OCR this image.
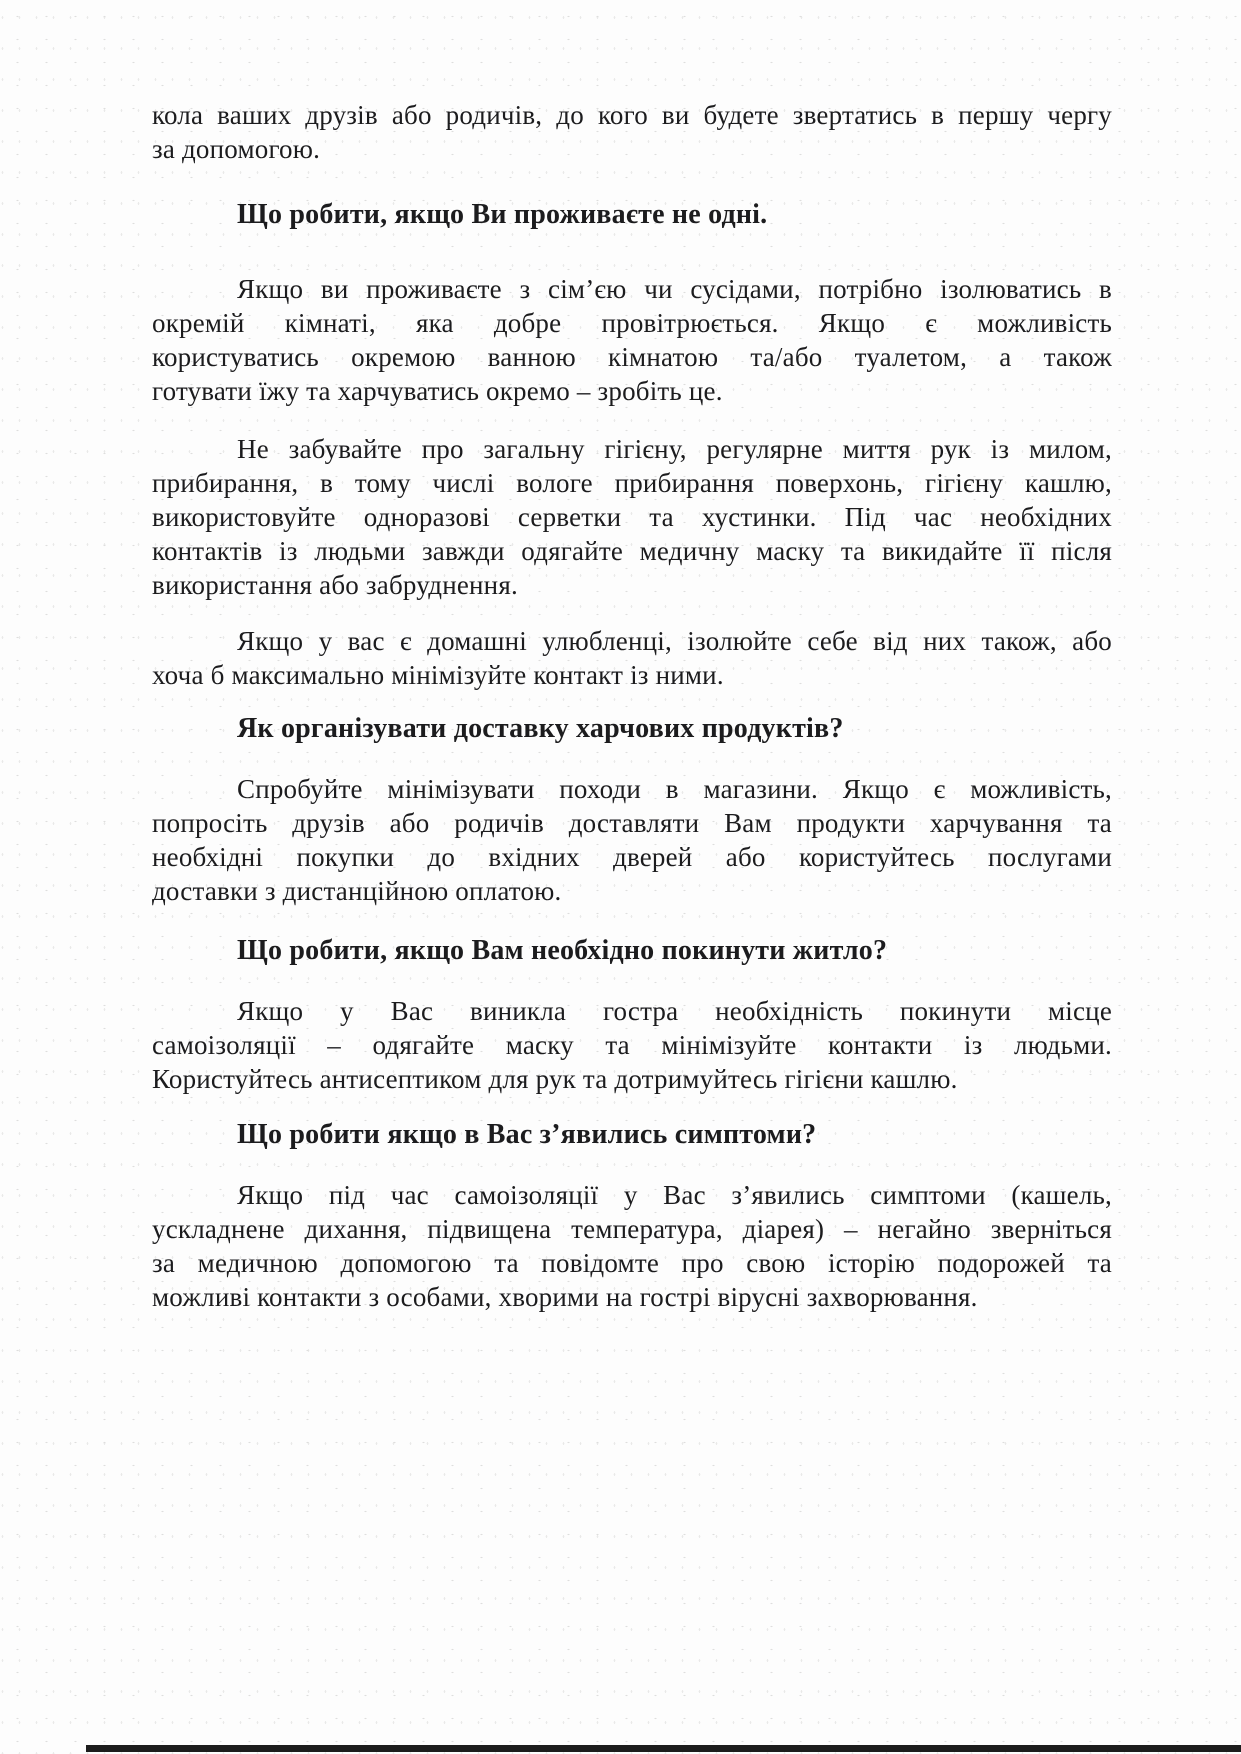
кола ваших друзів або родичів, до кого ви будете звертатись в першу чергу
за допомогою.
Що робити, якщо Ви проживаєте не одні.
Якщо ви проживаєте з сім’єю чи сусідами, потрібно ізолюватись в
окремій кімнаті, яка добре провітрюється. Якщо є можливість
користуватись окремою ванною кімнатою та/або туалетом, а також
готувати їжу та харчуватись окремо – зробіть це.
Не забувайте про загальну гігієну, регулярне миття рук із милом,
прибирання, в тому числі вологе прибирання поверхонь, гігієну кашлю,
використовуйте одноразові серветки та хустинки. Під час необхідних
контактів із людьми завжди одягайте медичну маску та викидайте її після
використання або забруднення.
Якщо у вас є домашні улюбленці, ізолюйте себе від них також, або
хоча б максимально мінімізуйте контакт із ними.
Як організувати доставку харчових продуктів?
Спробуйте мінімізувати походи в магазини. Якщо є можливість,
попросіть друзів або родичів доставляти Вам продукти харчування та
необхідні покупки до вхідних дверей або користуйтесь послугами
доставки з дистанційною оплатою.
Що робити, якщо Вам необхідно покинути житло?
Якщо у Вас виникла гостра необхідність покинути місце
самоізоляції – одягайте маску та мінімізуйте контакти із людьми.
Користуйтесь антисептиком для рук та дотримуйтесь гігієни кашлю.
Що робити якщо в Вас з’явились симптоми?
Якщо під час самоізоляції у Вас з’явились симптоми (кашель,
ускладнене дихання, підвищена температура, діарея) – негайно зверніться
за медичною допомогою та повідомте про свою історію подорожей та
можливі контакти з особами, хворими на гострі вірусні захворювання.
